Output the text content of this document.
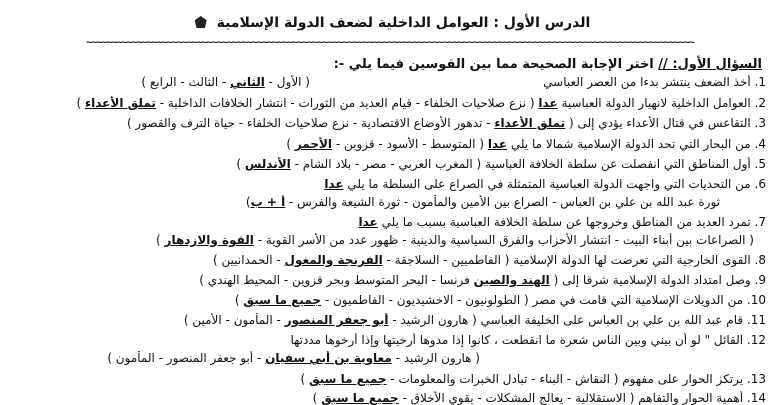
الدرس الأول : العوامل الداخلية لضعف الدولة الإسلامية
~~~~~~~~~~~~~~~~~~~~~~~~~~~~~~~~~~~~~~~~~~~~~~~~~~~~~~~~~~~~~~~~~~~~~~~~~~~~~~~~~~~~~~~~~~~~~~~~~~~~~~~~~~~~~~~~~~~~~~~~~
السؤال الأول: // اختر الإجابة الصحيحة مما بين القوسين فيما يلي -:
1. أخذ الضعف ينتشر بدءا من العصر العباسي
( الأول - الثاني - الثالث - الرابع )
2. العوامل الداخلية لانهيار الدولة العباسية عدا ( نزع صلاحيات الخلفاء - قيام العديد من الثورات - انتشار الخلافات الداخلية - تملق الأعداء )
3. التقاعس في قتال الأعداء يؤدي إلى ( تملق الأعداء - تدهور الأوضاع الاقتصادية - نزع صلاحيات الخلفاء - حياة الترف والقصور )
4. من البحار التي تحد الدولة الإسلامية شمالا ما يلي عدا ( المتوسط - الأسود - قزوين - الأحمر )
5. أول المناطق التي انفصلت عن سلطة الخلافة العباسية ( المغرب العربي - مصر - بلاد الشام - الأندلس )
6. من التحديات التي واجهت الدولة العباسية المتمثلة في الصراع على السلطة ما يلي عدا
ثورة عبد الله بن علي بن العباس - الصراع بين الأمين والمأمون - ثورة الشيعة والفرس - أ + ب)
7. تمرد العديد من المناطق وخروجها عن سلطة الخلافة العباسية بسبب ما يلي عدا
( الصراعات بين أبناء البيت - انتشار الأحزاب والفرق السياسية والدينية - ظهور عدد من الأسر القوية - القوة والازدهار )
8. القوى الخارجية التي تعرضت لها الدولة الإسلامية ( الفاطميين - السلاجقة - الفرنجة والمغول - الحمدانيين )
9. وصل امتداد الدولة الإسلامية شرقا إلى ( الهند والصين فرنسا - البحر المتوسط وبحر قزوين - المحيط الهندي )
10. من الدويلات الإسلامية التي قامت في مصر ( الطولونيون - الاخشيديون - الفاطميون - جميع ما سبق )
11. قام عبد الله بن علي بن العباس على الخليفة العباسي ( هارون الرشيد - أبو جعفر المنصور - المأمون - الأمين )
12. القائل " لو أن بيني وبين الناس شعرة ما انقطعت ، كانوا إذا مدوها أرخيتها وإذا أرخوها مددتها
( هارون الرشيد - معاوية بن أبي سفيان - أبو جعفر المنصور - المأمون )
13. يرتكز الحوار على مفهوم ( النقاش - البناء - تبادل الخبرات والمعلومات - جميع ما سبق )
14. أهمية الحوار والتفاهم ( الاستقلالية - يعالج المشكلات - يقوي الأخلاق - جميع ما سبق )
